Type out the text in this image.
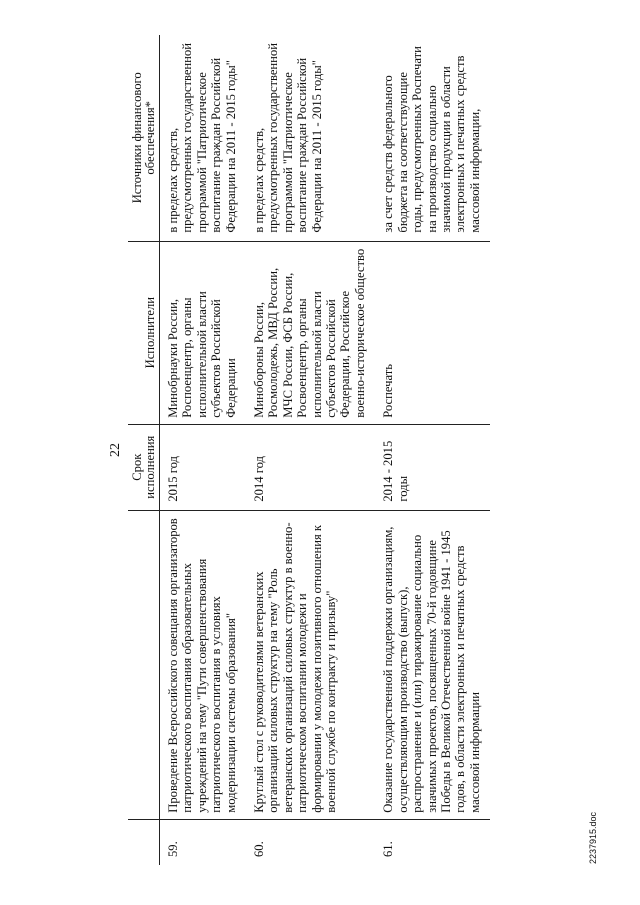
22
		Срок исполнения	Исполнители	Источники финансового обеспечения*
59.	Проведение Всероссийского совещания организаторов патриотического воспитания образовательных учреждений на тему "Пути совершенствования патриотического воспитания в условиях модернизации системы образования"	2015 год	Минобрнауки России, Роспоенцентр, органы исполнительной власти субъектов Российской Федерации	в пределах средств, предусмотренных государственной программой "Патриотическое воспитание граждан Российской Федерации на 2011 - 2015 годы"
60.	Круглый стол с руководителями ветеранских организаций силовых структур на тему "Роль ветеранских организаций силовых структур в военно-патриотическом воспитании молодежи и формировании у молодежи позитивного отношения к военной службе по контракту и призыву"	2014 год	Минобороны России, Росмолодежь, МВД России, МЧС России, ФСБ России, Росвоенцентр, органы исполнительной власти субъектов Российской Федерации, Российское военно-историческое общество	в пределах средств, предусмотренных государственной программой "Патриотическое воспитание граждан Российской Федерации на 2011 - 2015 годы"
61.	Оказание государственной поддержки организациям, осуществляющим производство (выпуск), распространение и (или) тиражирование социально значимых проектов, посвященных 70-й годовщине Победы в Великой Отечественной войне 1941 - 1945 годов, в области электронных и печатных средств массовой информации	2014 - 2015 годы	Роспечать	за счет средств федерального бюджета на соответствующие годы, предусмотренных Роспечати на производство социально значимой продукции в области электронных и печатных средств массовой информации,
2237915.doc
